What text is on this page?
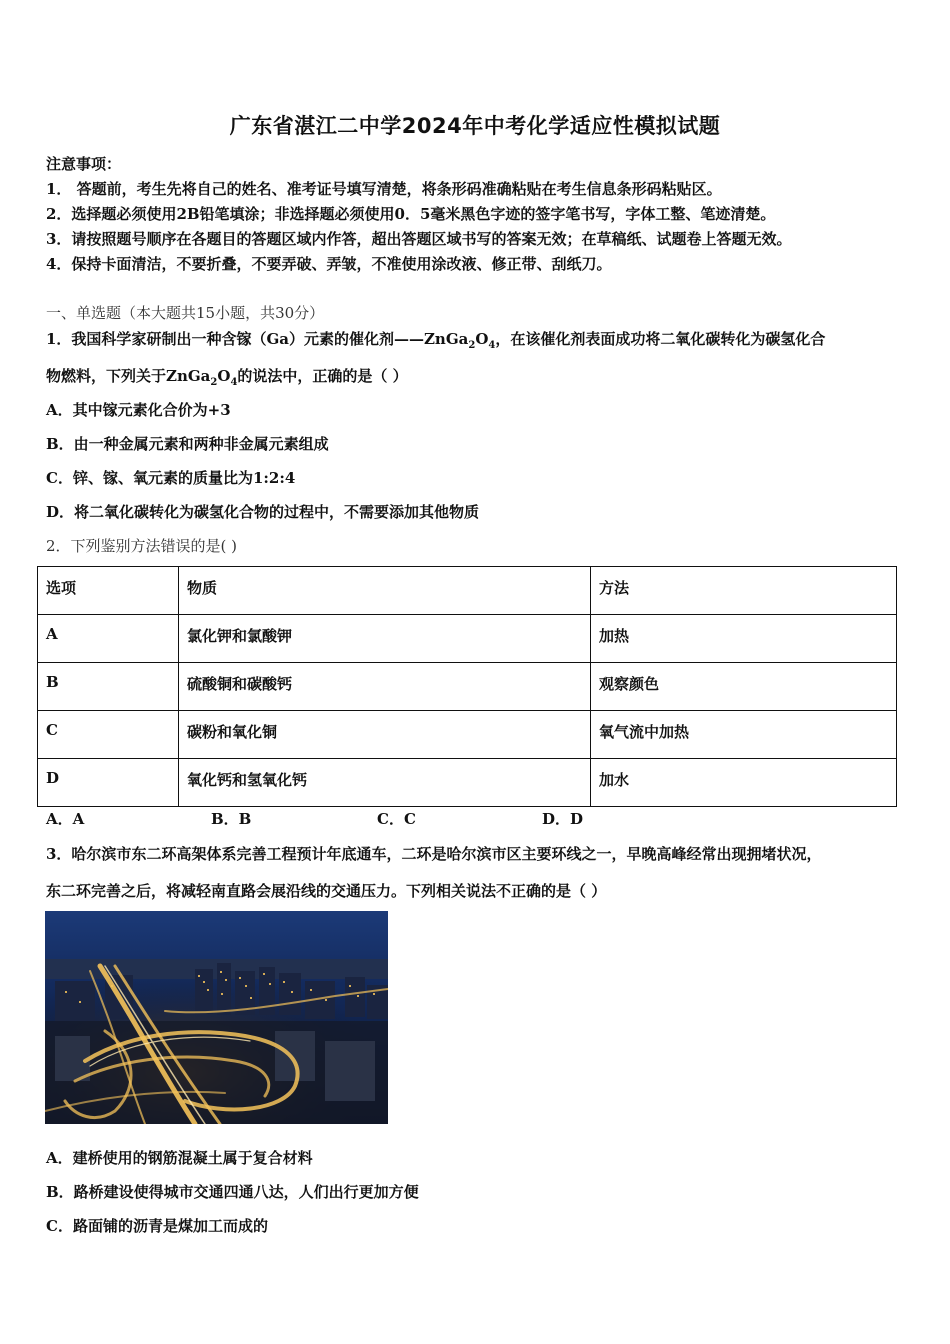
广东省湛江二中学2024年中考化学适应性模拟试题
注意事项：
1． 答题前，考生先将自己的姓名、准考证号填写清楚，将条形码准确粘贴在考生信息条形码粘贴区。
2．选择题必须使用2B铅笔填涂；非选择题必须使用0．5毫米黑色字迹的签字笔书写，字体工整、笔迹清楚。
3．请按照题号顺序在各题目的答题区域内作答，超出答题区域书写的答案无效；在草稿纸、试题卷上答题无效。
4．保持卡面清洁，不要折叠，不要弄破、弄皱，不准使用涂改液、修正带、刮纸刀。
一、单选题（本大题共15小题，共30分）
1．我国科学家研制出一种含镓（Ga）元素的催化剂$——ZnGa_2O_4$，在该催化剂表面成功将二氧化碳转化为碳氢化合
物燃料，下列关于$ZnGa_2O_4$的说法中，正确的是（ ）
A．其中镓元素化合价为+3
B．由一种金属元素和两种非金属元素组成
C．锌、镓、氧元素的质量比为1:2:4
D．将二氧化碳转化为碳氢化合物的过程中，不需要添加其他物质
2．下列鉴别方法错误的是( )
选项	物质	方法
A	氯化钾和氯酸钾	加热
B	硫酸铜和碳酸钙	观察颜色
C	碳粉和氧化铜	氧气流中加热
D	氧化钙和氢氧化钙	加水
A．A	B．B	C．C	D．D
3．哈尔滨市东二环高架体系完善工程预计年底通车，二环是哈尔滨市区主要环线之一，早晚高峰经常出现拥堵状况，
东二环完善之后，将减轻南直路会展沿线的交通压力。下列相关说法不正确的是（ ）
A．建桥使用的钢筋混凝土属于复合材料
B．路桥建设使得城市交通四通八达，人们出行更加方便
C．路面铺的沥青是煤加工而成的
